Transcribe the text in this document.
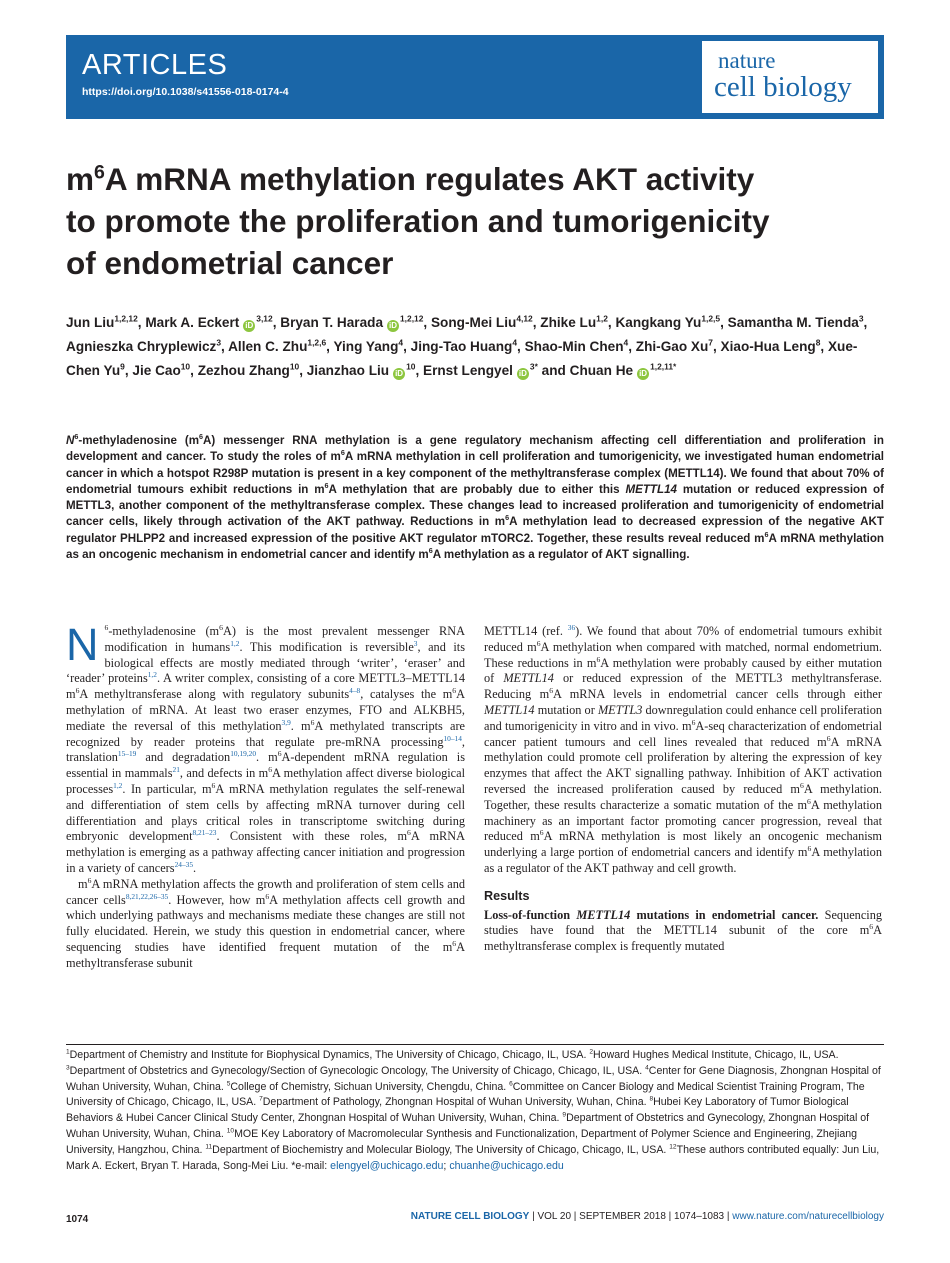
ARTICLES
https://doi.org/10.1038/s41556-018-0174-4
nature
cell biology
$m^6A$ mRNA methylation regulates AKT activity
to promote the proliferation and tumorigenicity
of endometrial cancer
Jun Liu$^{1,2,12}$, Mark A. Eckert iD$^{3,12}$, Bryan T. Harada iD$^{1,2,12}$, Song-Mei Liu$^{4,12}$, Zhike Lu$^{1,2}$, Kangkang Yu$^{1,2,5}$, Samantha M. Tienda$^3$, Agnieszka Chryplewicz$^3$, Allen C. Zhu$^{1,2,6}$, Ying Yang$^4$, Jing-Tao Huang$^4$, Shao-Min Chen$^4$, Zhi-Gao Xu$^7$, Xiao-Hua Leng$^8$, Xue-Chen Yu$^9$, Jie Cao$^{10}$, Zezhou Zhang$^{10}$, Jianzhao Liu $iD^{10}$, Ernst Lengyel $iD^{3*}$ and Chuan He $iD^{1,2,11*}$
$N^6$-methyladenosine $(m^6A)$ messenger RNA methylation is a gene regulatory mechanism affecting cell differentiation and proliferation in development and cancer. To study the roles of $m^6A$ mRNA methylation in cell proliferation and tumorigenicity, we investigated human endometrial cancer in which a hotspot R298P mutation is present in a key component of the methyltransferase complex (METTL14). We found that about 70% of endometrial tumours exhibit reductions in $m^6A$ methylation that are probably due to either this METTL14 mutation or reduced expression of METTL3, another component of the methyltransferase complex. These changes lead to increased proliferation and tumorigenicity of endometrial cancer cells, likely through activation of the AKT pathway. Reductions in $m^6A$ methylation lead to decreased expression of the negative AKT regulator PHLPP2 and increased expression of the positive AKT regulator mTORC2. Together, these results reveal reduced $m^6A$ mRNA methylation as an oncogenic mechanism in endometrial cancer and identify $m^6A$ methylation as a regulator of AKT signalling.
N $^6$-methyladenosine $(m^6A)$ is the most prevalent messenger RNA modification in humans$^{1,2}$. This modification is reversible$^3$, and its biological effects are mostly mediated through ‘writer’, ‘eraser’ and ‘reader’ proteins$^{1,2}$. A writer complex, consisting of a core METTL3–METTL14 $m^6A$ methyltransferase along with regulatory subunits$^{4-8}$, catalyses the $m^6A$ methylation of mRNA. At least two eraser enzymes, FTO and ALKBH5, mediate the reversal of this methylation$^{3,9}$. $m^6A$ methylated transcripts are recognized by reader proteins that regulate pre-mRNA processing$^{10-14}$, translation$^{15-19}$ and degradation$^{10,19,20}$. $m^6A$-dependent mRNA regulation is essential in mammals$^{21}$, and defects in $m^6A$ methylation affect diverse biological processes$^{1,2}$. In particular, $m^6A$ mRNA methylation regulates the self-renewal and differentiation of stem cells by affecting mRNA turnover during cell differentiation and plays critical roles in transcriptome switching during embryonic development$^{8,21-23}$. Consistent with these roles, $m^6A$ mRNA methylation is emerging as a pathway affecting cancer initiation and progression in a variety of cancers$^{24-35}$.

$m^6A$ mRNA methylation affects the growth and proliferation of stem cells and cancer cells$^{8,21,22,26-35}$. However, how $m^6A$ methylation affects cell growth and which underlying pathways and mechanisms mediate these changes are still not fully elucidated. Herein, we study this question in endometrial cancer, where sequencing studies have identified frequent mutation of the $m^6A$ methyltransferase subunit

METTL14 (ref. $^{36}$). We found that about 70% of endometrial tumours exhibit reduced $m^6A$ methylation when compared with matched, normal endometrium. These reductions in $m^6A$ methylation were probably caused by either mutation of METTL14 or reduced expression of the METTL3 methyltransferase. Reducing $m^6A$ mRNA levels in endometrial cancer cells through either METTL14 mutation or METTL3 downregulation could enhance cell proliferation and tumorigenicity in vitro and in vivo. $m^6A$-seq characterization of endometrial cancer patient tumours and cell lines revealed that reduced $m^6A$ mRNA methylation could promote cell proliferation by altering the expression of key enzymes that affect the AKT signalling pathway. Inhibition of AKT activation reversed the increased proliferation caused by reduced $m^6A$ methylation. Together, these results characterize a somatic mutation of the $m^6A$ methylation machinery as an important factor promoting cancer progression, reveal that reduced $m^6A$ mRNA methylation is most likely an oncogenic mechanism underlying a large portion of endometrial cancers and identify $m^6A$ methylation as a regulator of the AKT pathway and cell growth.

Results

Loss-of-function METTL14 mutations in endometrial cancer. Sequencing studies have found that the METTL14 subunit of the core $m^6A$ methyltransferase complex is frequently mutated

$^1$Department of Chemistry and Institute for Biophysical Dynamics, The University of Chicago, Chicago, IL, USA. $^2$Howard Hughes Medical Institute, Chicago, IL, USA. $^3$Department of Obstetrics and Gynecology/Section of Gynecologic Oncology, The University of Chicago, Chicago, IL, USA. $^4$Center for Gene Diagnosis, Zhongnan Hospital of Wuhan University, Wuhan, China. $^5$College of Chemistry, Sichuan University, Chengdu, China. $^6$Committee on Cancer Biology and Medical Scientist Training Program, The University of Chicago, Chicago, IL, USA. $^7$Department of Pathology, Zhongnan Hospital of Wuhan University, Wuhan, China. $^8$Hubei Key Laboratory of Tumor Biological Behaviors & Hubei Cancer Clinical Study Center, Zhongnan Hospital of Wuhan University, Wuhan, China. $^9$Department of Obstetrics and Gynecology, Zhongnan Hospital of Wuhan University, Wuhan, China. $^{10}$MOE Key Laboratory of Macromolecular Synthesis and Functionalization, Department of Polymer Science and Engineering, Zhejiang University, Hangzhou, China. $^{11}$Department of Biochemistry and Molecular Biology, The University of Chicago, Chicago, IL, USA. $^{12}$These authors contributed equally: Jun Liu, Mark A. Eckert, Bryan T. Harada, Song-Mei Liu. *e-mail: elengyel@uchicago.edu; chuanhe@uchicago.edu
1074	NATURE CELL BIOLOGY | VOL 20 | SEPTEMBER 2018 | 1074–1083 | www.nature.com/naturecellbiology
